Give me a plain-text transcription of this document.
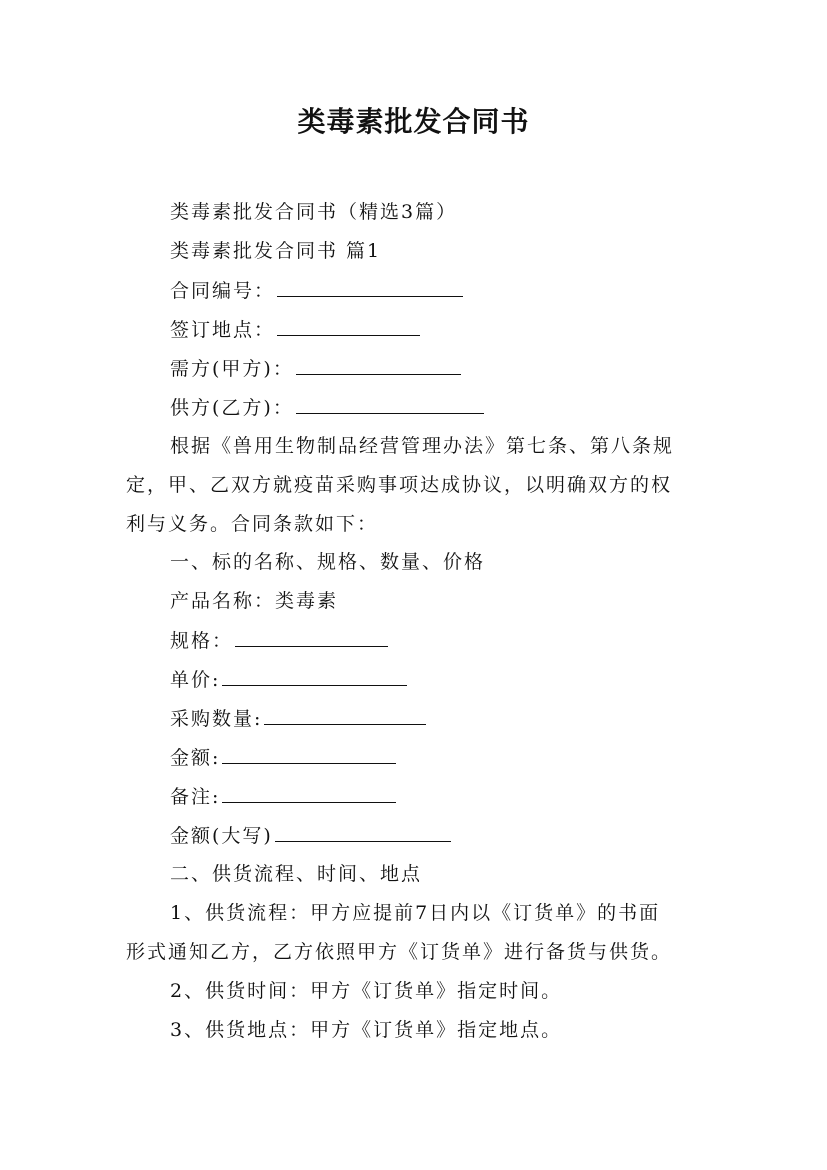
类毒素批发合同书
类毒素批发合同书（精选3篇）
类毒素批发合同书 篇1
合同编号：
签订地点：
需方(甲方)：
供方(乙方)：
根据《兽用生物制品经营管理办法》第七条、第八条规
定，甲、乙双方就疫苗采购事项达成协议，以明确双方的权
利与义务。合同条款如下：
一、标的名称、规格、数量、价格
产品名称：类毒素
规格：
单价:
采购数量:
金额:
备注:
金额(大写)
二、供货流程、时间、地点
1、供货流程：甲方应提前7日内以《订货单》的书面
形式通知乙方，乙方依照甲方《订货单》进行备货与供货。
2、供货时间：甲方《订货单》指定时间。
3、供货地点：甲方《订货单》指定地点。
